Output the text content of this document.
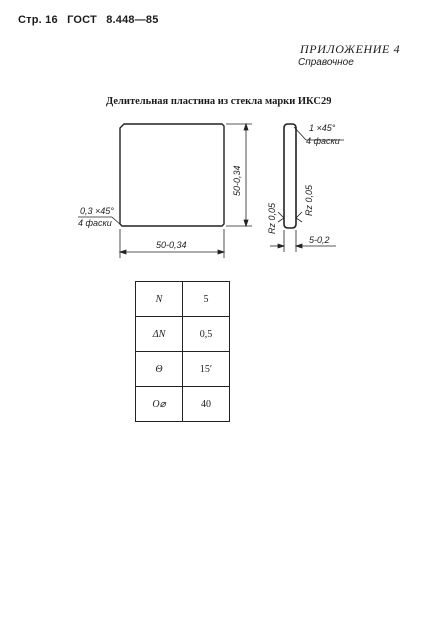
Стр. 16 ГОСТ 8.448—85
ПРИЛОЖЕНИЕ 4
Справочное
Делительная пластина из стекла марки ИКС29
50-0,34
50-0,34
0,3 ×45°
4 фаски
1 ×45°
4 фаски
Rz 0,05
Rz 0,05
5-0,2
N	5
ΔN	0,5
Θ	15′
O⌀	40
